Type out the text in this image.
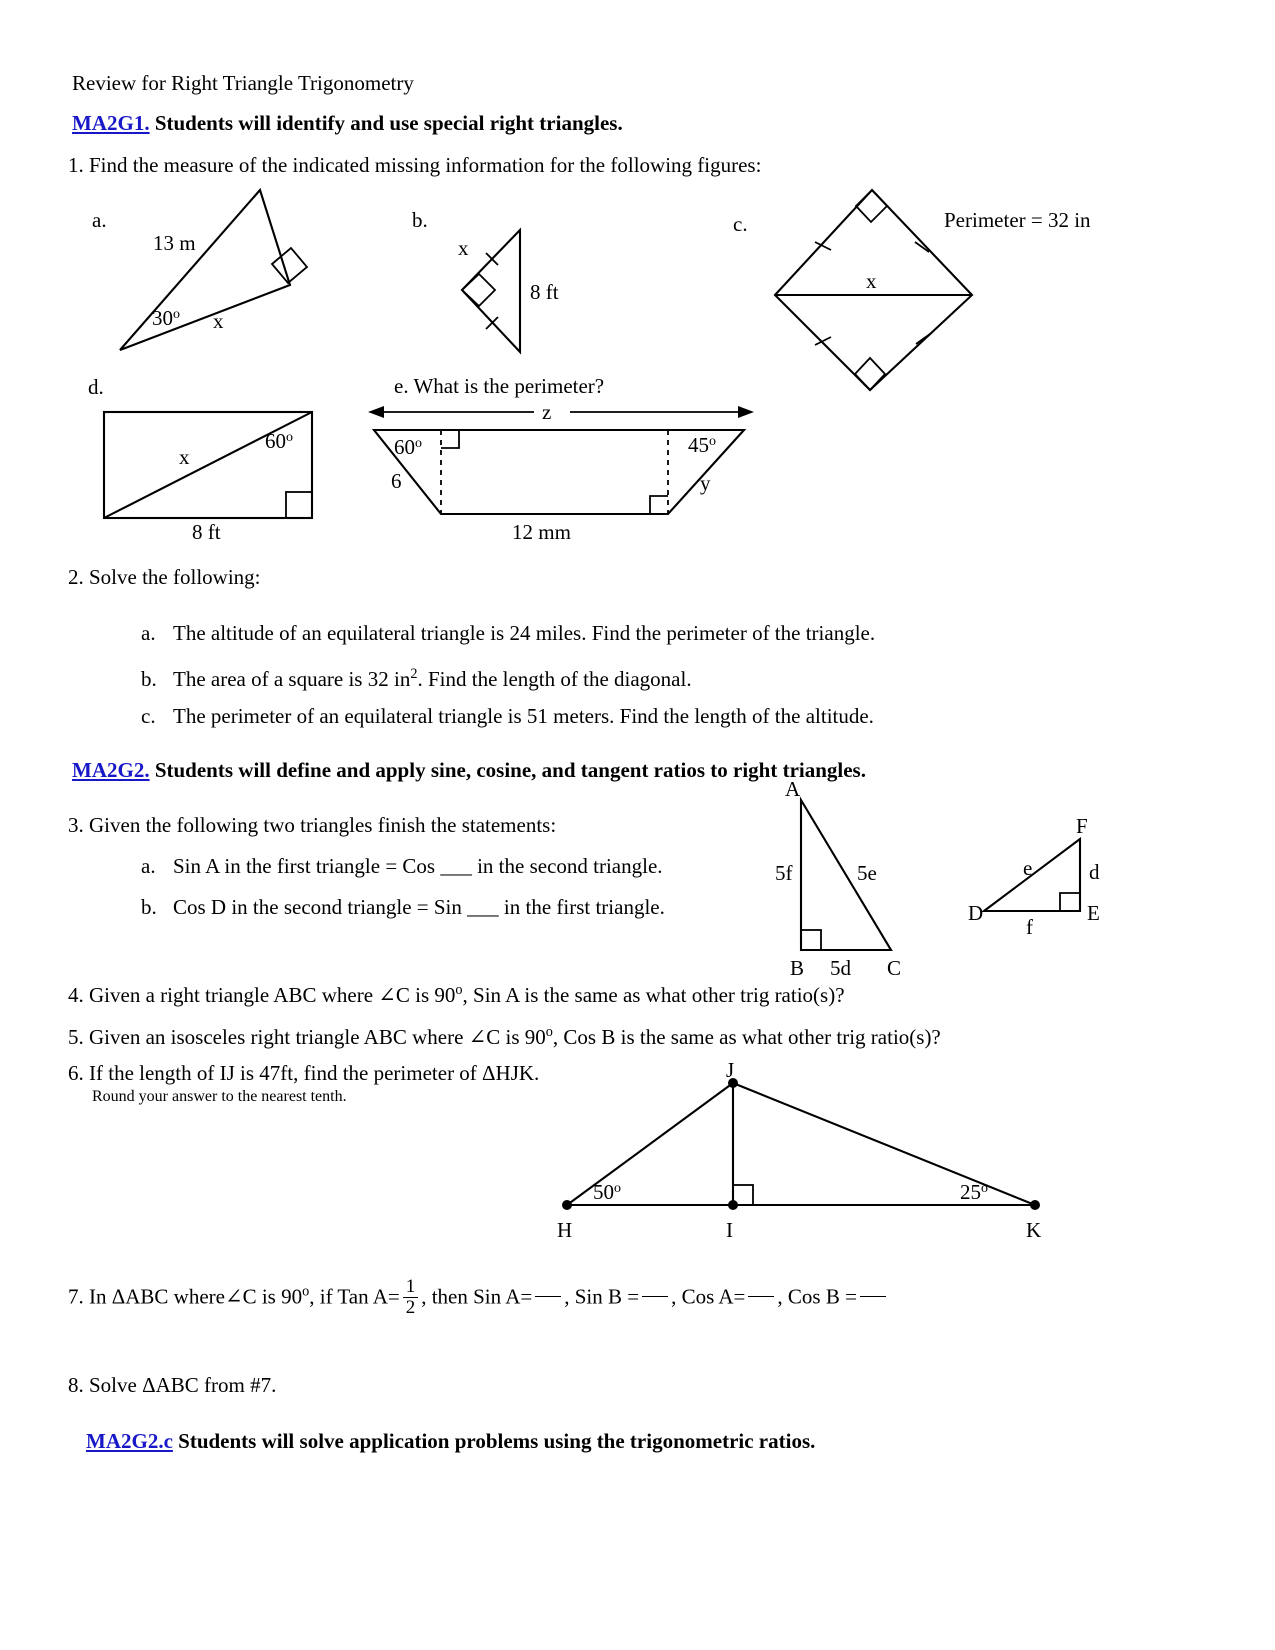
Review for Right Triangle Trigonometry
MA2G1. Students will identify and use special right triangles.
1. Find the measure of the indicated missing information for the following figures:
a.
13 m
30$^o$ x
b.
x
8 ft
c.
x
Perimeter = 32 in
d.
x
60$^o$
8 ft
e. What is the perimeter?
z
60$^o$	45$^o$
6	y
12 mm
2. Solve the following:
a. The altitude of an equilateral triangle is 24 miles. Find the perimeter of the triangle.
b. The area of a square is 32 $in^2$. Find the length of the diagonal.
c. The perimeter of an equilateral triangle is 51 meters. Find the length of the altitude.
MA2G2. Students will define and apply sine, cosine, and tangent ratios to right triangles.
3. Given the following two triangles finish the statements:
a. Sin A in the first triangle = Cos ___ in the second triangle.
b. Cos D in the second triangle = Sin ___ in the first triangle.
A
5f	5e
B 5d C
F
e	d
D
f
E
4. Given a right triangle ABC where ∠C is 90$^o$, Sin A is the same as what other trig ratio(s)?
5. Given an isosceles right triangle ABC where ∠C is 90$^o$, Cos B is the same as what other trig ratio(s)?
6. If the length of IJ is 47ft, find the perimeter of ΔHJK.
Round your answer to the nearest tenth.
J
50$^o$	25$^o$
H	I	K
7. In ΔABC where∠C is 90$^o$, if Tan $A= \frac{1}{2}$ , then Sin A= , Sin B = , Cos A= , Cos B =
8. Solve ΔABC from #7.
MA2G2.c Students will solve application problems using the trigonometric ratios.
